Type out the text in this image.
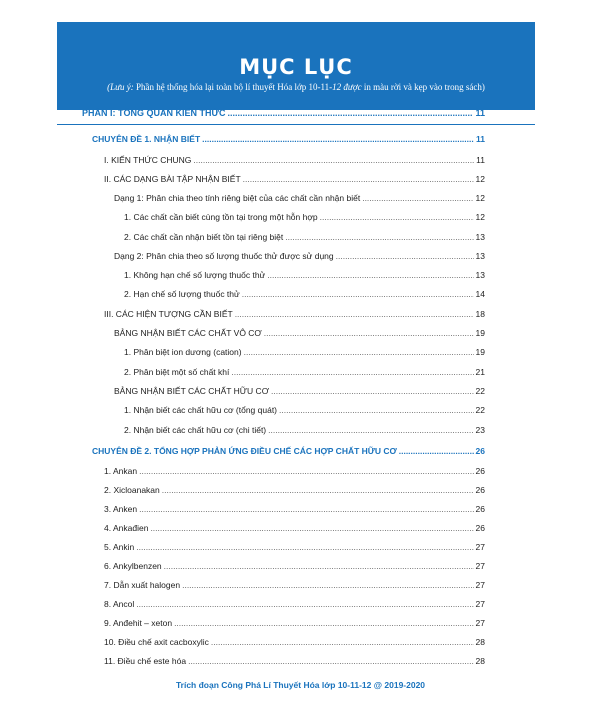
MỤC LỤC
(Lưu ý: Phần hệ thống hóa lại toàn bộ lí thuyết Hóa lớp 10-11-12 được in màu rời và kẹp vào trong sách)
PHẦN I: TỔNG QUAN KIẾN THỨC .....	11
CHUYÊN ĐỀ 1. NHẬN BIẾT .....	11
I. KIẾN THỨC CHUNG .....	11
II. CÁC DẠNG BÀI TẬP NHẬN BIẾT .....	12
Dạng 1: Phân chia theo tính riêng biệt của các chất cần nhận biết .....	12
1. Các chất cần biết cùng tồn tại trong một hỗn hợp .....	12
2. Các chất cần nhận biết tồn tại riêng biệt .....	13
Dạng 2: Phân chia theo số lượng thuốc thử được sử dụng .....	13
1. Không hạn chế số lượng thuốc thử .....	13
2. Hạn chế số lượng thuốc thử .....	14
III. CÁC HIỆN TƯỢNG CẦN BIẾT .....	18
BẢNG NHẬN BIẾT CÁC CHẤT VÔ CƠ .....	19
1. Phân biệt ion dương (cation) .....	19
2. Phân biệt một số chất khí .....	21
BẢNG NHẬN BIẾT CÁC CHẤT HỮU CƠ .....	22
1. Nhận biết các chất hữu cơ (tổng quát) .....	22
2. Nhận biết các chất hữu cơ (chi tiết) .....	23
CHUYÊN ĐỀ 2. TỔNG HỢP PHẢN ỨNG ĐIỀU CHẾ CÁC HỢP CHẤT HỮU CƠ .....	26
1. Ankan .....	26
2. Xicloanakan .....	26
3. Anken .....	26
4. Ankađien .....	26
5. Ankin .....	27
6. Ankylbenzen .....	27
7. Dẫn xuất halogen .....	27
8. Ancol .....	27
9. Anđehit – xeton .....	27
10. Điều chế axit cacboxylic .....	28
11. Điều chế este hóa .....	28
Trích đoạn Công Phá Lí Thuyết Hóa lớp 10-11-12 @ 2019-2020
